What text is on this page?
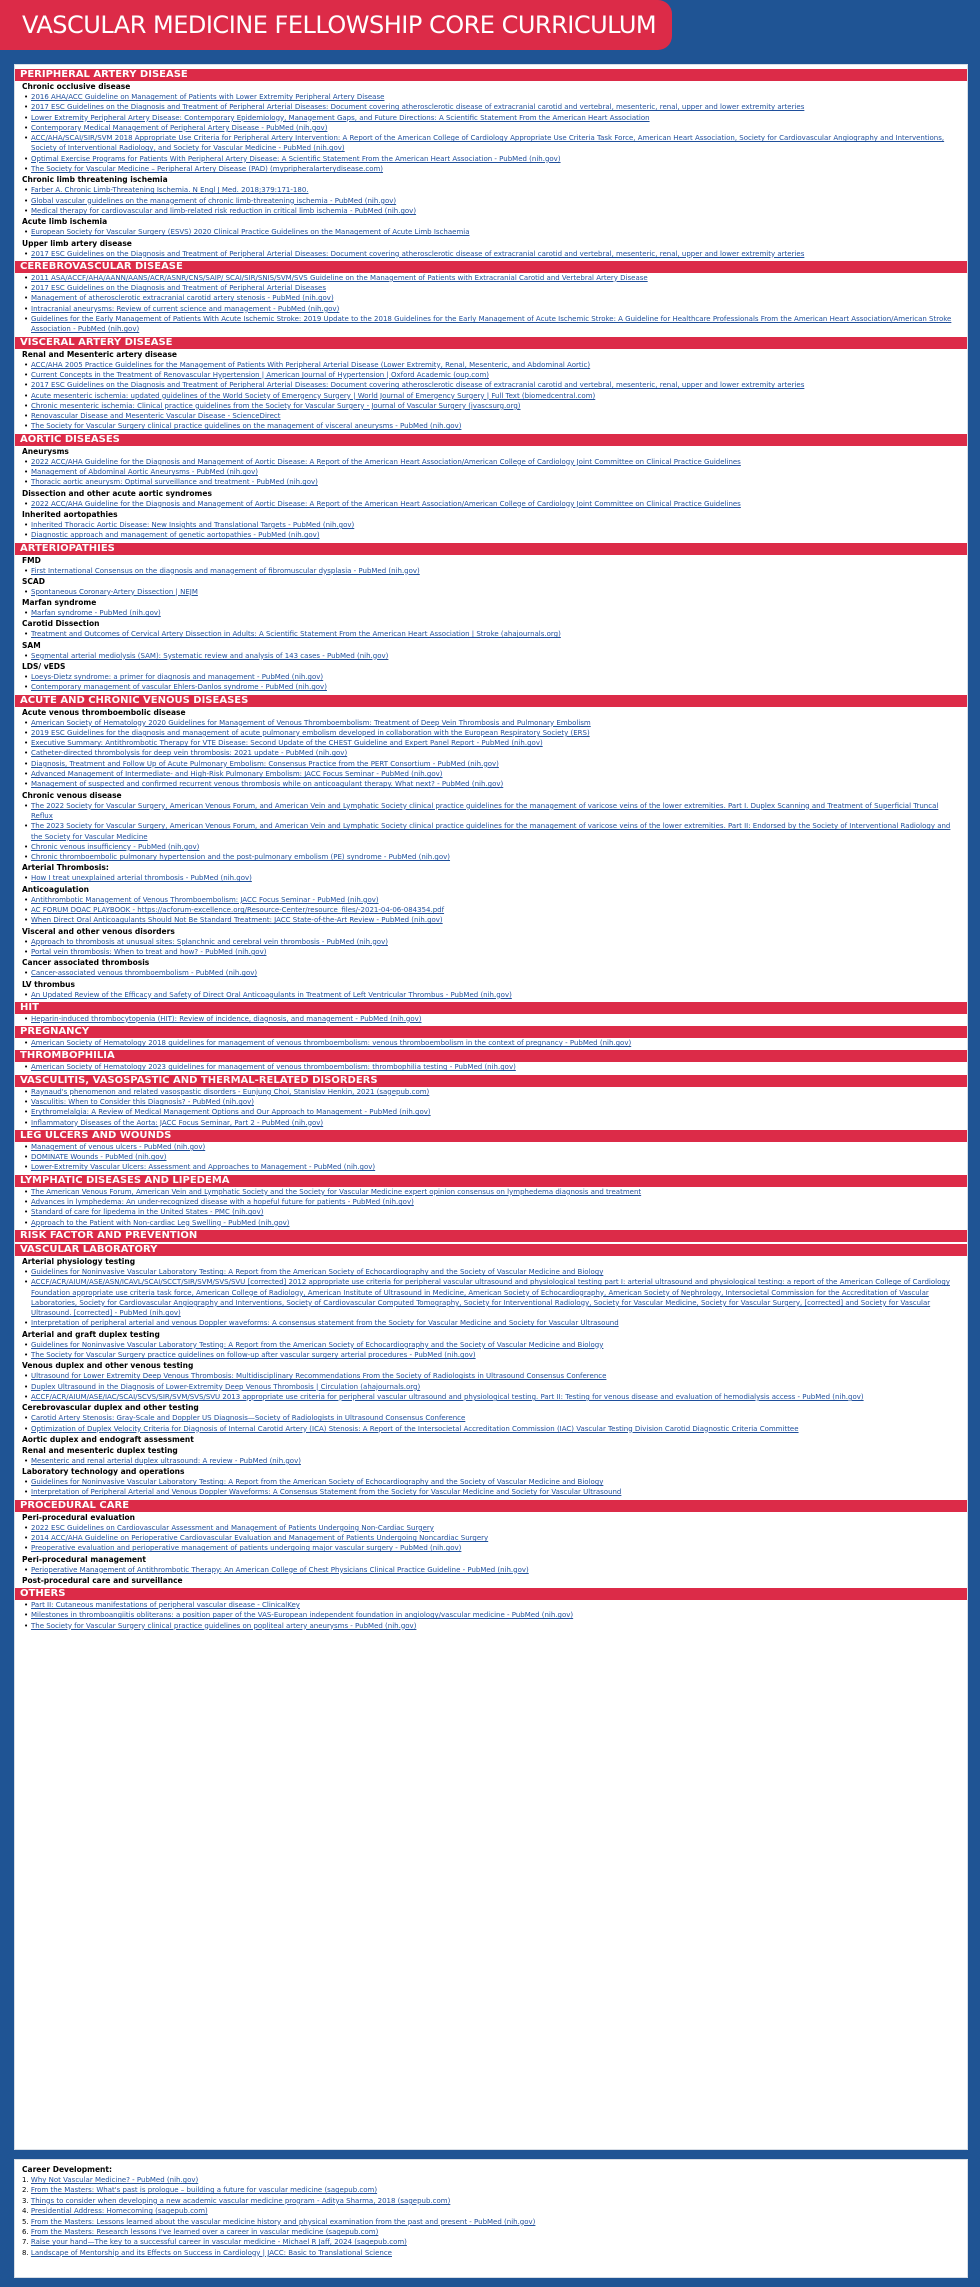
VASCULAR MEDICINE FELLOWSHIP CORE CURRICULUM
PERIPHERAL ARTERY DISEASE
Chronic occlusive disease
• 2016 AHA/ACC Guideline on Management of Patients with Lower Extremity Peripheral Artery Disease
• 2017 ESC Guidelines on the Diagnosis and Treatment of Peripheral Arterial Diseases: Document covering atherosclerotic disease of extracranial carotid and vertebral, mesenteric, renal, upper and lower extremity arteries
• Lower Extremity Peripheral Artery Disease: Contemporary Epidemiology, Management Gaps, and Future Directions: A Scientific Statement From the American Heart Association
• Contemporary Medical Management of Peripheral Artery Disease - PubMed (nih.gov)
• ACC/AHA/SCAI/SIR/SVM 2018 Appropriate Use Criteria for Peripheral Artery Intervention: A Report of the American College of Cardiology Appropriate Use Criteria Task Force, American Heart Association, Society for Cardiovascular Angiography and Interventions, Society of Interventional Radiology, and Society for Vascular Medicine - PubMed (nih.gov)
• Optimal Exercise Programs for Patients With Peripheral Artery Disease: A Scientific Statement From the American Heart Association - PubMed (nih.gov)
• The Society for Vascular Medicine – Peripheral Artery Disease (PAD) (mypripheralarterydisease.com)
Chronic limb threatening ischemia
• Farber A. Chronic Limb-Threatening Ischemia. N Engl J Med. 2018;379:171-180.
• Global vascular guidelines on the management of chronic limb-threatening ischemia - PubMed (nih.gov)
• Medical therapy for cardiovascular and limb-related risk reduction in critical limb ischemia - PubMed (nih.gov)
Acute limb ischemia
• European Society for Vascular Surgery (ESVS) 2020 Clinical Practice Guidelines on the Management of Acute Limb Ischaemia
Upper limb artery disease
• 2017 ESC Guidelines on the Diagnosis and Treatment of Peripheral Arterial Diseases: Document covering atherosclerotic disease of extracranial carotid and vertebral, mesenteric, renal, upper and lower extremity arteries
CEREBROVASCULAR DISEASE
• 2011 ASA/ACCF/AHA/AANN/AANS/ACR/ASNR/CNS/SAIP/ SCAI/SIR/SNIS/SVM/SVS Guideline on the Management of Patients with Extracranial Carotid and Vertebral Artery Disease
• 2017 ESC Guidelines on the Diagnosis and Treatment of Peripheral Arterial Diseases
• Management of atherosclerotic extracranial carotid artery stenosis - PubMed (nih.gov)
• Intracranial aneurysms: Review of current science and management - PubMed (nih.gov)
• Guidelines for the Early Management of Patients With Acute Ischemic Stroke: 2019 Update to the 2018 Guidelines for the Early Management of Acute Ischemic Stroke: A Guideline for Healthcare Professionals From the American Heart Association/American Stroke Association - PubMed (nih.gov)
VISCERAL ARTERY DISEASE
Renal and Mesenteric artery disease
• ACC/AHA 2005 Practice Guidelines for the Management of Patients With Peripheral Arterial Disease (Lower Extremity, Renal, Mesenteric, and Abdominal Aortic)
• Current Concepts in the Treatment of Renovascular Hypertension | American Journal of Hypertension | Oxford Academic (oup.com)
• 2017 ESC Guidelines on the Diagnosis and Treatment of Peripheral Arterial Diseases: Document covering atherosclerotic disease of extracranial carotid and vertebral, mesenteric, renal, upper and lower extremity arteries
• Acute mesenteric ischemia: updated guidelines of the World Society of Emergency Surgery | World Journal of Emergency Surgery | Full Text (biomedcentral.com)
• Chronic mesenteric ischemia: Clinical practice guidelines from the Society for Vascular Surgery - Journal of Vascular Surgery (jvascsurg.org)
• Renovascular Disease and Mesenteric Vascular Disease - ScienceDirect
• The Society for Vascular Surgery clinical practice guidelines on the management of visceral aneurysms - PubMed (nih.gov)
AORTIC DISEASES
Aneurysms
• 2022 ACC/AHA Guideline for the Diagnosis and Management of Aortic Disease: A Report of the American Heart Association/American College of Cardiology Joint Committee on Clinical Practice Guidelines
• Management of Abdominal Aortic Aneurysms - PubMed (nih.gov)
• Thoracic aortic aneurysm: Optimal surveillance and treatment - PubMed (nih.gov)
Dissection and other acute aortic syndromes
• 2022 ACC/AHA Guideline for the Diagnosis and Management of Aortic Disease: A Report of the American Heart Association/American College of Cardiology Joint Committee on Clinical Practice Guidelines
Inherited aortopathies
• Inherited Thoracic Aortic Disease: New Insights and Translational Targets - PubMed (nih.gov)
• Diagnostic approach and management of genetic aortopathies - PubMed (nih.gov)
ARTERIOPATHIES
FMD
• First International Consensus on the diagnosis and management of fibromuscular dysplasia - PubMed (nih.gov)
SCAD
• Spontaneous Coronary-Artery Dissection | NEJM
Marfan syndrome
• Marfan syndrome - PubMed (nih.gov)
Carotid Dissection
• Treatment and Outcomes of Cervical Artery Dissection in Adults: A Scientific Statement From the American Heart Association | Stroke (ahajournals.org)
SAM
• Segmental arterial mediolysis (SAM): Systematic review and analysis of 143 cases - PubMed (nih.gov)
LDS/ vEDS
• Loeys-Dietz syndrome: a primer for diagnosis and management - PubMed (nih.gov)
• Contemporary management of vascular Ehlers-Danlos syndrome - PubMed (nih.gov)
ACUTE AND CHRONIC VENOUS DISEASES
Acute venous thromboembolic disease
• American Society of Hematology 2020 Guidelines for Management of Venous Thromboembolism: Treatment of Deep Vein Thrombosis and Pulmonary Embolism
• 2019 ESC Guidelines for the diagnosis and management of acute pulmonary embolism developed in collaboration with the European Respiratory Society (ERS)
• Executive Summary: Antithrombotic Therapy for VTE Disease: Second Update of the CHEST Guideline and Expert Panel Report - PubMed (nih.gov)
• Catheter-directed thrombolysis for deep vein thrombosis: 2021 update - PubMed (nih.gov)
• Diagnosis, Treatment and Follow Up of Acute Pulmonary Embolism: Consensus Practice from the PERT Consortium - PubMed (nih.gov)
• Advanced Management of Intermediate- and High-Risk Pulmonary Embolism: JACC Focus Seminar - PubMed (nih.gov)
• Management of suspected and confirmed recurrent venous thrombosis while on anticoagulant therapy. What next? - PubMed (nih.gov)
Chronic venous disease
• The 2022 Society for Vascular Surgery, American Venous Forum, and American Vein and Lymphatic Society clinical practice guidelines for the management of varicose veins of the lower extremities. Part I. Duplex Scanning and Treatment of Superficial Truncal Reflux
• The 2023 Society for Vascular Surgery, American Venous Forum, and American Vein and Lymphatic Society clinical practice guidelines for the management of varicose veins of the lower extremities. Part II: Endorsed by the Society of Interventional Radiology and the Society for Vascular Medicine
• Chronic venous insufficiency - PubMed (nih.gov)
• Chronic thromboembolic pulmonary hypertension and the post-pulmonary embolism (PE) syndrome - PubMed (nih.gov)
Arterial Thrombosis:
• How I treat unexplained arterial thrombosis - PubMed (nih.gov)
Anticoagulation
• Antithrombotic Management of Venous Thromboembolism: JACC Focus Seminar - PubMed (nih.gov)
• AC FORUM DOAC PLAYBOOK - https://acforum-excellence.org/Resource-Center/resource_files/-2021-04-06-084354.pdf
• When Direct Oral Anticoagulants Should Not Be Standard Treatment: JACC State-of-the-Art Review - PubMed (nih.gov)
Visceral and other venous disorders
• Approach to thrombosis at unusual sites: Splanchnic and cerebral vein thrombosis - PubMed (nih.gov)
• Portal vein thrombosis: When to treat and how? - PubMed (nih.gov)
Cancer associated thrombosis
• Cancer-associated venous thromboembolism - PubMed (nih.gov)
LV thrombus
• An Updated Review of the Efficacy and Safety of Direct Oral Anticoagulants in Treatment of Left Ventricular Thrombus - PubMed (nih.gov)
HIT
• Heparin-induced thrombocytopenia (HIT): Review of incidence, diagnosis, and management - PubMed (nih.gov)
PREGNANCY
• American Society of Hematology 2018 guidelines for management of venous thromboembolism: venous thromboembolism in the context of pregnancy - PubMed (nih.gov)
THROMBOPHILIA
• American Society of Hematology 2023 guidelines for management of venous thromboembolism: thrombophilia testing - PubMed (nih.gov)
VASCULITIS, VASOSPASTIC AND THERMAL-RELATED DISORDERS
• Raynaud's phenomenon and related vasospastic disorders - Eunjung Choi, Stanislav Henkin, 2021 (sagepub.com)
• Vasculitis: When to Consider this Diagnosis? - PubMed (nih.gov)
• Erythromelalgia: A Review of Medical Management Options and Our Approach to Management - PubMed (nih.gov)
• Inflammatory Diseases of the Aorta: JACC Focus Seminar, Part 2 - PubMed (nih.gov)
LEG ULCERS AND WOUNDS
• Management of venous ulcers - PubMed (nih.gov)
• DOMINATE Wounds - PubMed (nih.gov)
• Lower-Extremity Vascular Ulcers: Assessment and Approaches to Management - PubMed (nih.gov)
LYMPHATIC DISEASES AND LIPEDEMA
• The American Venous Forum, American Vein and Lymphatic Society and the Society for Vascular Medicine expert opinion consensus on lymphedema diagnosis and treatment
• Advances in lymphedema: An under-recognized disease with a hopeful future for patients - PubMed (nih.gov)
• Standard of care for lipedema in the United States - PMC (nih.gov)
• Approach to the Patient with Non-cardiac Leg Swelling - PubMed (nih.gov)
RISK FACTOR AND PREVENTION
VASCULAR LABORATORY
Arterial physiology testing
• Guidelines for Noninvasive Vascular Laboratory Testing: A Report from the American Society of Echocardiography and the Society of Vascular Medicine and Biology
• ACCF/ACR/AIUM/ASE/ASN/ICAVL/SCAI/SCCT/SIR/SVM/SVS/SVU [corrected] 2012 appropriate use criteria for peripheral vascular ultrasound and physiological testing part I: arterial ultrasound and physiological testing: a report of the American College of Cardiology Foundation appropriate use criteria task force, American College of Radiology, American Institute of Ultrasound in Medicine, American Society of Echocardiography, American Society of Nephrology, Intersocietal Commission for the Accreditation of Vascular Laboratories, Society for Cardiovascular Angiography and Interventions, Society of Cardiovascular Computed Tomography, Society for Interventional Radiology, Society for Vascular Medicine, Society for Vascular Surgery, [corrected] and Society for Vascular Ultrasound. [corrected] - PubMed (nih.gov)
• Interpretation of peripheral arterial and venous Doppler waveforms: A consensus statement from the Society for Vascular Medicine and Society for Vascular Ultrasound
Arterial and graft duplex testing
• Guidelines for Noninvasive Vascular Laboratory Testing: A Report from the American Society of Echocardiography and the Society of Vascular Medicine and Biology
• The Society for Vascular Surgery practice guidelines on follow-up after vascular surgery arterial procedures - PubMed (nih.gov)
Venous duplex and other venous testing
• Ultrasound for Lower Extremity Deep Venous Thrombosis: Multidisciplinary Recommendations From the Society of Radiologists in Ultrasound Consensus Conference
• Duplex Ultrasound in the Diagnosis of Lower-Extremity Deep Venous Thrombosis | Circulation (ahajournals.org)
• ACCF/ACR/AIUM/ASE/IAC/SCAI/SCVS/SIR/SVM/SVS/SVU 2013 appropriate use criteria for peripheral vascular ultrasound and physiological testing. Part II: Testing for venous disease and evaluation of hemodialysis access - PubMed (nih.gov)
Cerebrovascular duplex and other testing
• Carotid Artery Stenosis: Gray-Scale and Doppler US Diagnosis—Society of Radiologists in Ultrasound Consensus Conference
• Optimization of Duplex Velocity Criteria for Diagnosis of Internal Carotid Artery (ICA) Stenosis: A Report of the Intersocietal Accreditation Commission (IAC) Vascular Testing Division Carotid Diagnostic Criteria Committee
Aortic duplex and endograft assessment
Renal and mesenteric duplex testing
• Mesenteric and renal arterial duplex ultrasound: A review - PubMed (nih.gov)
Laboratory technology and operations
• Guidelines for Noninvasive Vascular Laboratory Testing: A Report from the American Society of Echocardiography and the Society of Vascular Medicine and Biology
• Interpretation of Peripheral Arterial and Venous Doppler Waveforms: A Consensus Statement from the Society for Vascular Medicine and Society for Vascular Ultrasound
PROCEDURAL CARE
Peri-procedural evaluation
• 2022 ESC Guidelines on Cardiovascular Assessment and Management of Patients Undergoing Non-Cardiac Surgery
• 2014 ACC/AHA Guideline on Perioperative Cardiovascular Evaluation and Management of Patients Undergoing Noncardiac Surgery
• Preoperative evaluation and perioperative management of patients undergoing major vascular surgery - PubMed (nih.gov)
Peri-procedural management
• Perioperative Management of Antithrombotic Therapy: An American College of Chest Physicians Clinical Practice Guideline - PubMed (nih.gov)
Post-procedural care and surveillance
OTHERS
• Part II: Cutaneous manifestations of peripheral vascular disease - ClinicalKey
• Milestones in thromboangiitis obliterans: a position paper of the VAS-European independent foundation in angiology/vascular medicine - PubMed (nih.gov)
• The Society for Vascular Surgery clinical practice guidelines on popliteal artery aneurysms - PubMed (nih.gov)
Career Development:
1. Why Not Vascular Medicine? - PubMed (nih.gov)
2. From the Masters: What's past is prologue – building a future for vascular medicine (sagepub.com)
3. Things to consider when developing a new academic vascular medicine program - Aditya Sharma, 2018 (sagepub.com)
4. Presidential Address: Homecoming (sagepub.com)
5. From the Masters: Lessons learned about the vascular medicine history and physical examination from the past and present - PubMed (nih.gov)
6. From the Masters: Research lessons I've learned over a career in vascular medicine (sagepub.com)
7. Raise your hand—The key to a successful career in vascular medicine - Michael R Jaff, 2024 (sagepub.com)
8. Landscape of Mentorship and its Effects on Success in Cardiology | JACC: Basic to Translational Science
